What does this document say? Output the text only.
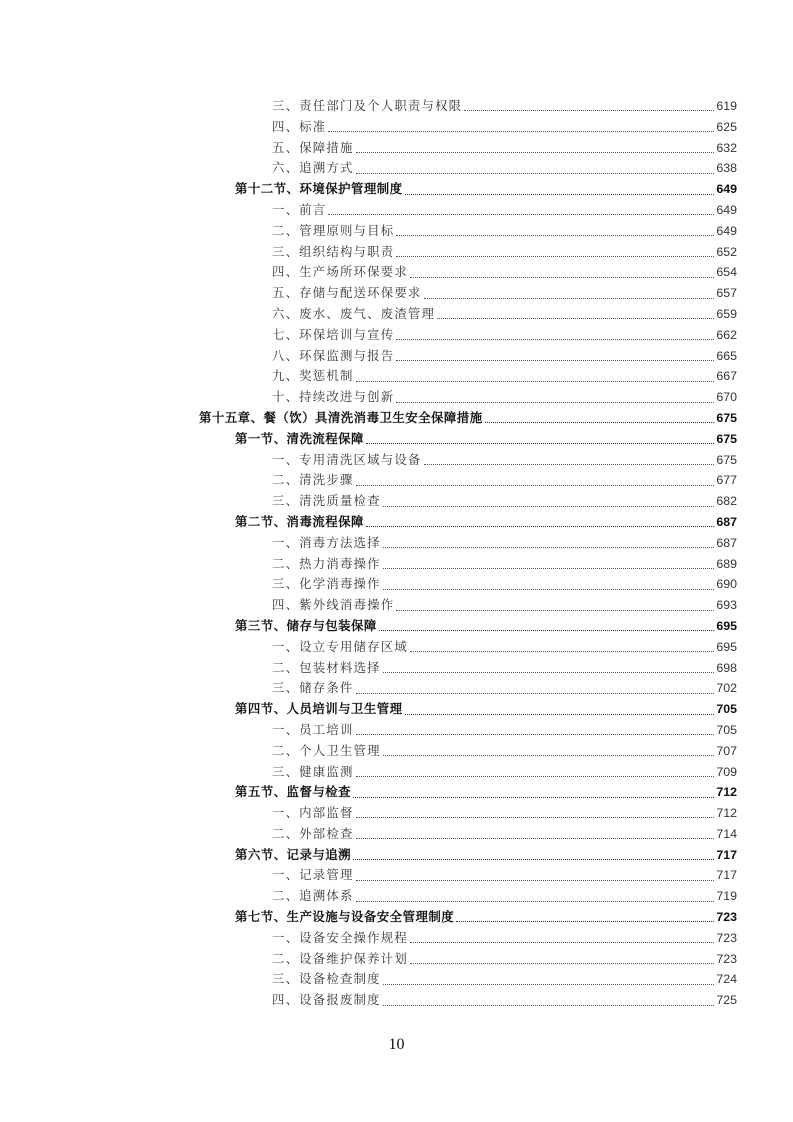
三、责任部门及个人职责与权限	619
四、标准	625
五、保障措施	632
六、追溯方式	638
第十二节、环境保护管理制度	649
一、前言	649
二、管理原则与目标	649
三、组织结构与职责	652
四、生产场所环保要求	654
五、存储与配送环保要求	657
六、废水、废气、废渣管理	659
七、环保培训与宣传	662
八、环保监测与报告	665
九、奖惩机制	667
十、持续改进与创新	670
第十五章、餐（饮）具清洗消毒卫生安全保障措施	675
第一节、清洗流程保障	675
一、专用清洗区域与设备	675
二、清洗步骤	677
三、清洗质量检查	682
第二节、消毒流程保障	687
一、消毒方法选择	687
二、热力消毒操作	689
三、化学消毒操作	690
四、紫外线消毒操作	693
第三节、储存与包装保障	695
一、设立专用储存区域	695
二、包装材料选择	698
三、储存条件	702
第四节、人员培训与卫生管理	705
一、员工培训	705
二、个人卫生管理	707
三、健康监测	709
第五节、监督与检查	712
一、内部监督	712
二、外部检查	714
第六节、记录与追溯	717
一、记录管理	717
二、追溯体系	719
第七节、生产设施与设备安全管理制度	723
一、设备安全操作规程	723
二、设备维护保养计划	723
三、设备检查制度	724
四、设备报废制度	725
10
